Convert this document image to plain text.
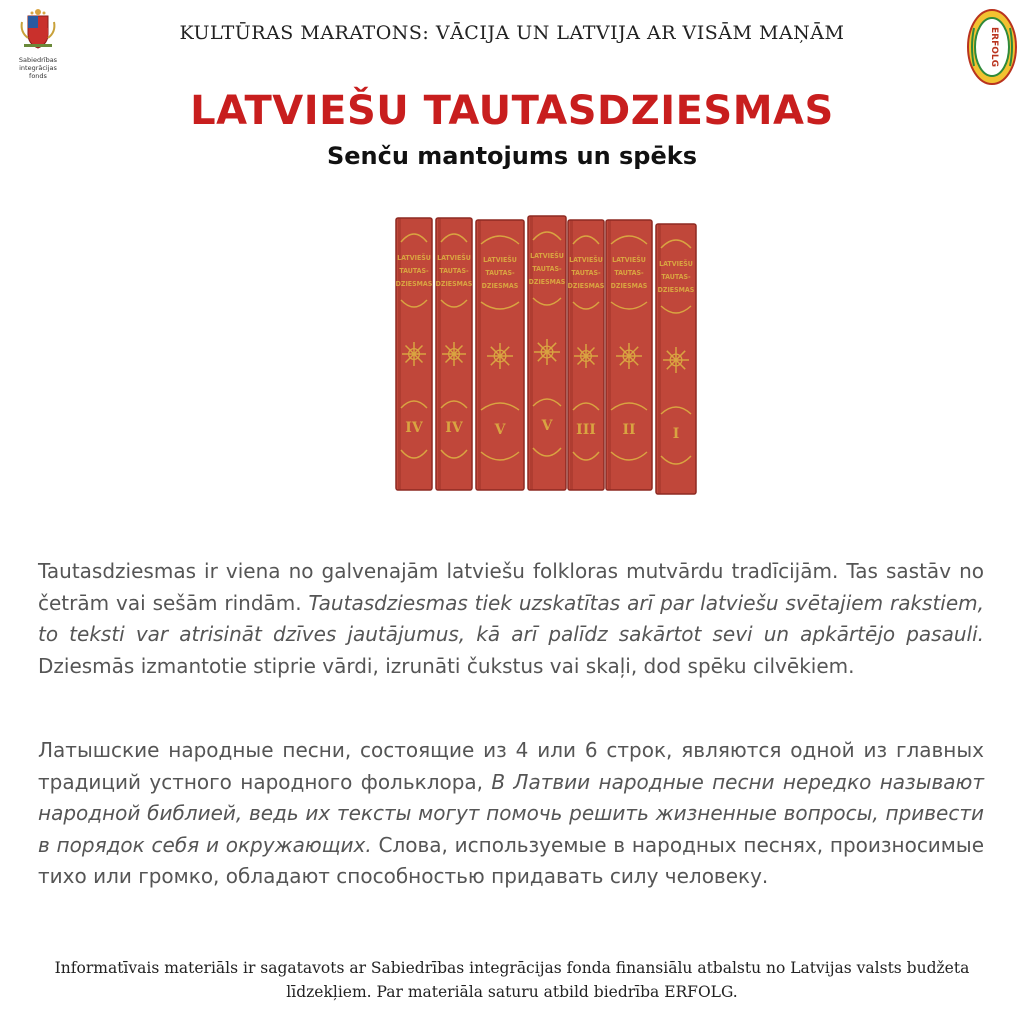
Sabiedrības integrācijas
fonds
ERFOLG
KULTŪRAS MARATONS: VĀCIJA UN LATVIJA AR VISĀM MAŅĀM
LATVIEŠU TAUTASDZIESMAS
Senču mantojums un spēks
LATVIEŠU
TAUTAS-
DZIESMAS
IV
LATVIEŠU
TAUTAS-
DZIESMAS
IV
LATVIEŠU
TAUTAS-
DZIESMAS
V
LATVIEŠU
TAUTAS-
DZIESMAS
V
LATVIEŠU
TAUTAS-
DZIESMAS
III
LATVIEŠU
TAUTAS-
DZIESMAS
II
LATVIEŠU
TAUTAS-
DZIESMAS
I
Tautasdziesmas ir viena no galvenajām latviešu folkloras mutvārdu tradīcijām. Tas sastāv no četrām vai sešām rindām. Tautasdziesmas tiek uzskatītas arī par latviešu svētajiem rakstiem, to teksti var atrisināt dzīves jautājumus, kā arī palīdz sakārtot sevi un apkārtējo pasauli. Dziesmās izmantotie stiprie vārdi, izrunāti čukstus vai skaļi, dod spēku cilvēkiem.
Латышские народные песни, состоящие из 4 или 6 строк, являются одной из главных традиций устного народного фольклора, В Латвии народные песни нередко называют народной библией, ведь их тексты могут помочь решить жизненные вопросы, привести в порядок себя и окружающих. Слова, используемые в народных песнях, произносимые тихо или громко, обладают способностью придавать силу человеку.
Informatīvais materiāls ir sagatavots ar Sabiedrības integrācijas fonda finansiālu atbalstu no Latvijas valsts budžeta
līdzekļiem. Par materiāla saturu atbild biedrība ERFOLG.
